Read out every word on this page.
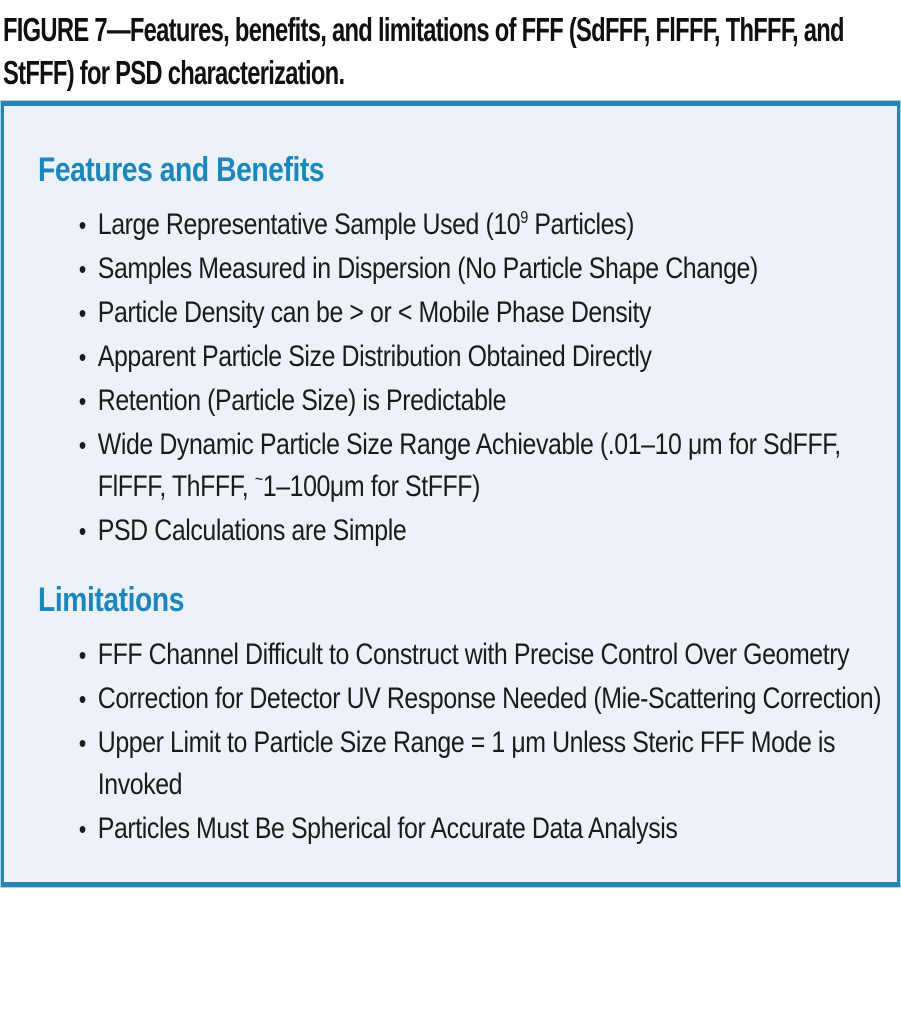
FIGURE 7—Features, benefits, and limitations of FFF (SdFFF, FlFFF, ThFFF, and StFFF) for PSD characterization.
Features and Benefits
• Large Representative Sample Used ($10^9$ Particles)
• Samples Measured in Dispersion (No Particle Shape Change)
• Particle Density can be > or < Mobile Phase Density
• Apparent Particle Size Distribution Obtained Directly
• Retention (Particle Size) is Predictable
• Wide Dynamic Particle Size Range Achievable (.01–10 μm for SdFFF, FlFFF, ThFFF, ~1–100μm for StFFF)
• PSD Calculations are Simple
Limitations
• FFF Channel Difficult to Construct with Precise Control Over Geometry
• Correction for Detector UV Response Needed (Mie-Scattering Correction)
• Upper Limit to Particle Size Range = 1 μm Unless Steric FFF Mode is Invoked
• Particles Must Be Spherical for Accurate Data Analysis
